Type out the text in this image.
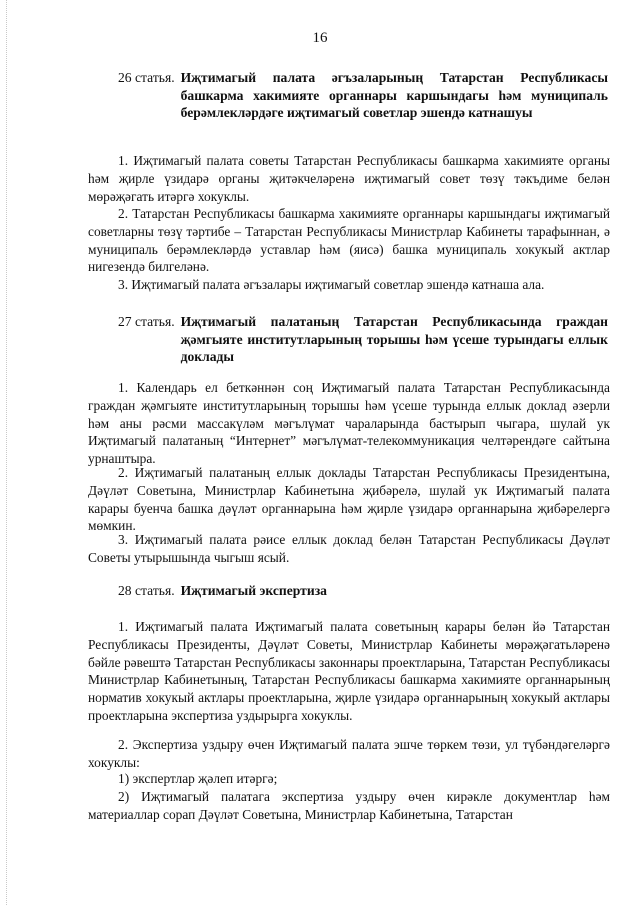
16
26 статья. Иҗтимагый палата әгъзаларының Татарстан Республикасы башкарма хакимияте органнары каршындагы һәм муниципаль берәмлекләрдәге иҗтимагый советлар эшендә катнашуы

1. Иҗтимагый палата советы Татарстан Республикасы башкарма хакимияте органы һәм җирле үзидарә органы җитәкчеләренә иҗтимагый совет төзү тәкъдиме белән мөрәҗәгать итәргә хокуклы.

2. Татарстан Республикасы башкарма хакимияте органнары каршындагы иҗтимагый советларны төзү тәртибе – Татарстан Республикасы Министрлар Кабинеты тарафыннан, ә муниципаль берәмлекләрдә уставлар һәм (яисә) башка муниципаль хокукый актлар нигезендә билгеләнә.

3. Иҗтимагый палата әгъзалары иҗтимагый советлар эшендә катнаша ала.

27 статья. Иҗтимагый палатаның Татарстан Республикасында граждан җәмгыяте институтларының торышы һәм үсеше турындагы еллык доклады

1. Календарь ел беткәннән соң Иҗтимагый палата Татарстан Республикасында граждан җәмгыяте институтларының торышы һәм үсеше турында еллык доклад әзерли һәм аны рәсми массакүләм мәгълүмат чараларында бастырып чыгара, шулай ук Иҗтимагый палатаның “Интернет” мәгълүмат-телекоммуникация челтәрендәге сайтына урнаштыра.

2. Иҗтимагый палатаның еллык доклады Татарстан Республикасы Президентына, Дәүләт Советына, Министрлар Кабинетына җибәрелә, шулай ук Иҗтимагый палата карары буенча башка дәүләт органнарына һәм җирле үзидарә органнарына җибәрелергә мөмкин.

3. Иҗтимагый палата рәисе еллык доклад белән Татарстан Республикасы Дәүләт Советы утырышында чыгыш ясый.

28 статья. Иҗтимагый экспертиза

1. Иҗтимагый палата Иҗтимагый палата советының карары белән йә Татарстан Республикасы Президенты, Дәүләт Советы, Министрлар Кабинеты мөрәҗәгатьләренә бәйле рәвештә Татарстан Республикасы законнары проектларына, Татарстан Республикасы Министрлар Кабинетының, Татарстан Республикасы башкарма хакимияте органнарының норматив хокукый актлары проектларына, җирле үзидарә органнарының хокукый актлары проектларына экспертиза уздырырга хокуклы.

2. Экспертиза уздыру өчен Иҗтимагый палата эшче төркем төзи, ул түбәндәгеләргә хокуклы:

1) экспертлар җәлеп итәргә;

2) Иҗтимагый палатага экспертиза уздыру өчен кирәкле документлар һәм материаллар сорап Дәүләт Советына, Министрлар Кабинетына, Татарстан
